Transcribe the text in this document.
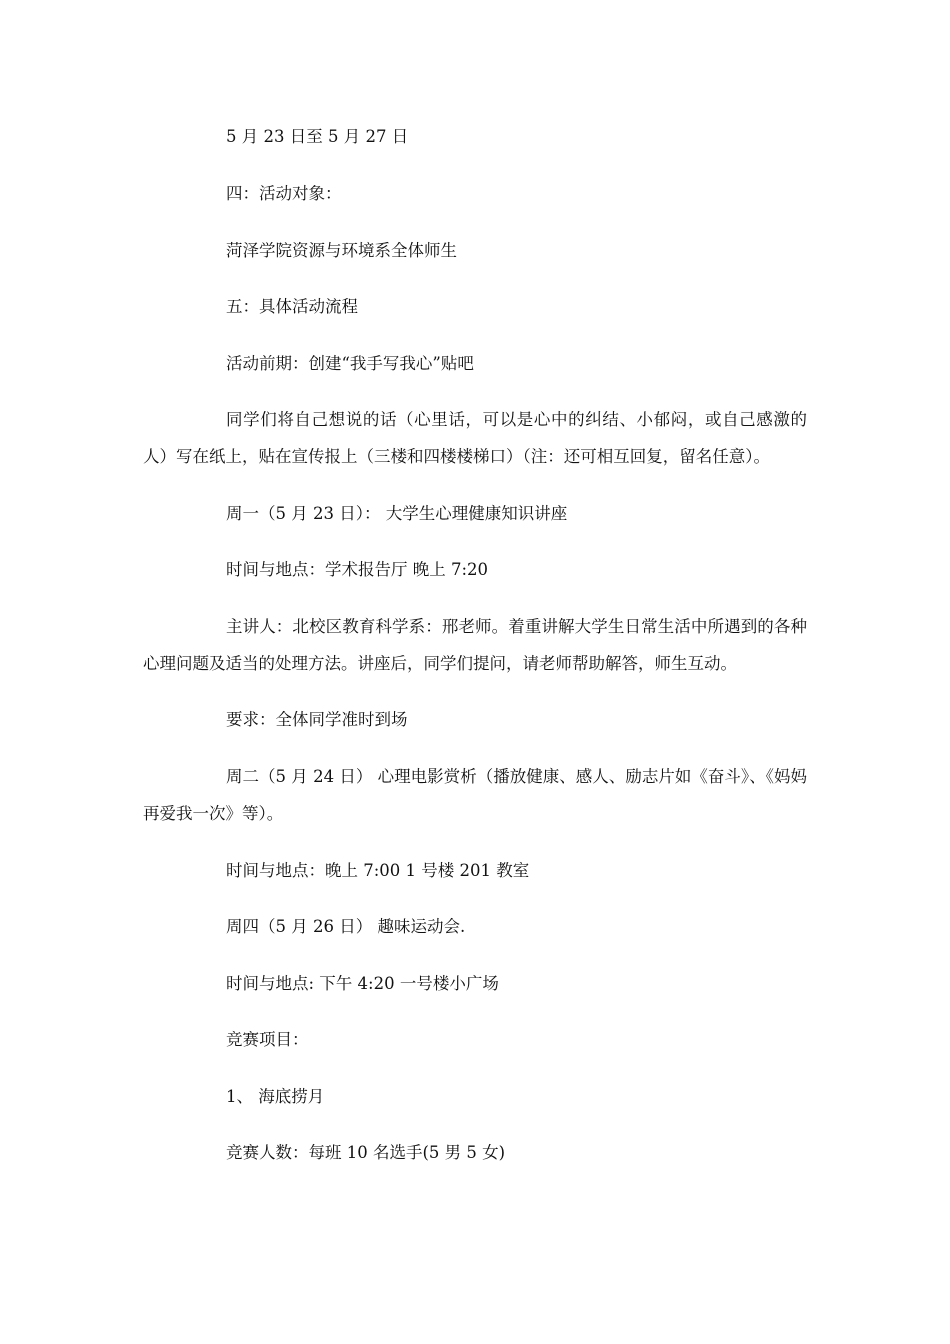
5 月 23 日至 5 月 27 日

四：活动对象：

菏泽学院资源与环境系全体师生

五：具体活动流程

活动前期：创建“我手写我心”贴吧

同学们将自己想说的话（心里话，可以是心中的纠结、小郁闷，或自己感激的人）写在纸上，贴在宣传报上（三楼和四楼楼梯口）（注：还可相互回复，留名任意）。

周一（5 月 23 日）： 大学生心理健康知识讲座

时间与地点：学术报告厅 晚上 7:20

主讲人：北校区教育科学系：邢老师。着重讲解大学生日常生活中所遇到的各种心理问题及适当的处理方法。讲座后，同学们提问，请老师帮助解答，师生互动。

要求：全体同学准时到场

周二（5 月 24 日） 心理电影赏析（播放健康、感人、励志片如《奋斗》、《妈妈再爱我一次》等）。

时间与地点：晚上 7:00 1 号楼 201 教室

周四（5 月 26 日） 趣味运动会.

时间与地点: 下午 4:20 一号楼小广场

竞赛项目：

1、 海底捞月

竞赛人数：每班 10 名选手(5 男 5 女)
